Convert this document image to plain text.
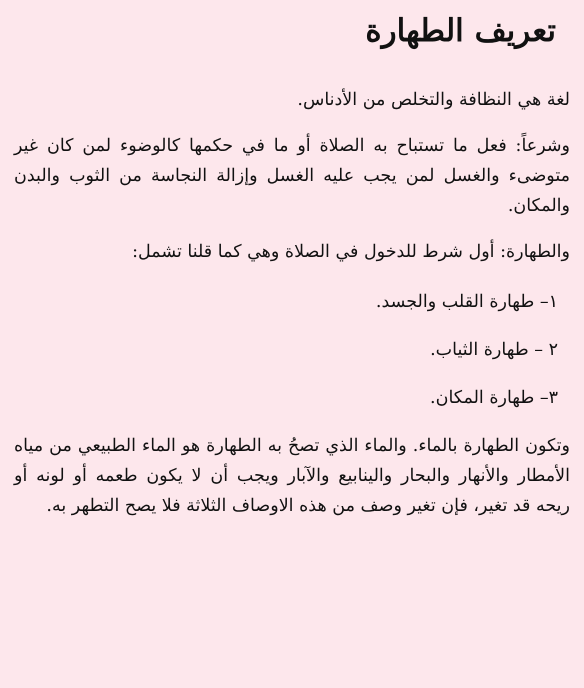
تعريف الطهارة

لغة هي النظافة والتخلص من الأدناس.

وشرعاً: فعل ما تستباح به الصلاة أو ما في حكمها كالوضوء لمن كان غير متوضىء والغسل لمن يجب عليه الغسل وإزالة النجاسة من الثوب والبدن والمكان.

والطهارة: أول شرط للدخول في الصلاة وهي كما قلنا تشمل:

١– طهارة القلب والجسد.
٢ – طهارة الثياب.
٣– طهارة المكان.

وتكون الطهارة بالماء. والماء الذي تصحُ به الطهارة هو الماء الطبيعي من مياه الأمطار والأنهار والبحار والينابيع والآبار ويجب أن لا يكون طعمه أو لونه أو ريحه قد تغير، فإن تغير وصف من هذه الاوصاف الثلاثة فلا يصح التطهر به.
